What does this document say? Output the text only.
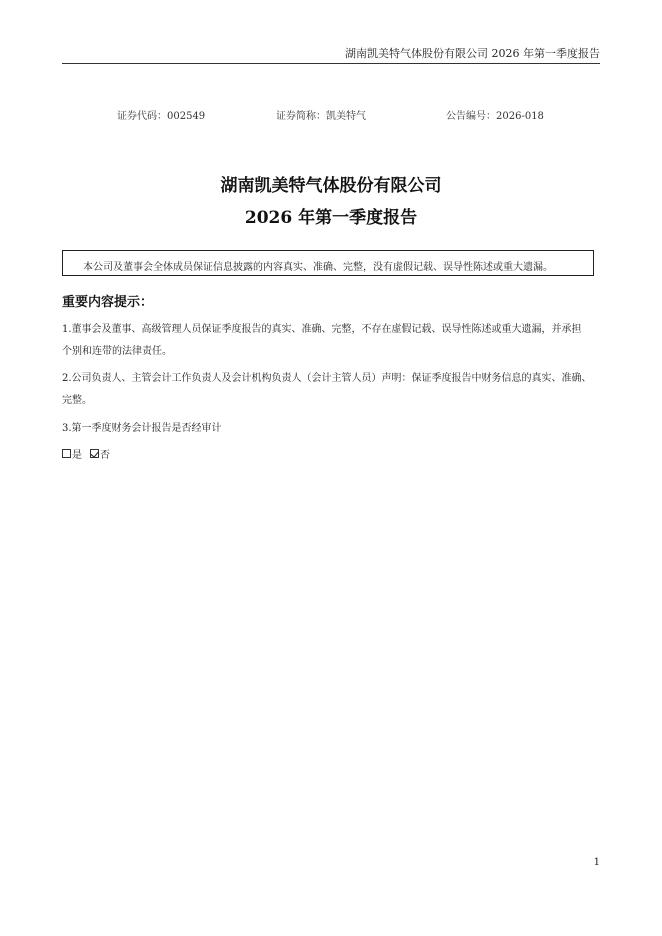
湖南凯美特气体股份有限公司 2026 年第一季度报告
证券代码：002549	证券简称：凯美特气	公告编号：2026-018
湖南凯美特气体股份有限公司
2026 年第一季度报告
本公司及董事会全体成员保证信息披露的内容真实、准确、完整，没有虚假记载、误导性陈述或重大遗漏。
重要内容提示：
1.董事会及董事、高级管理人员保证季度报告的真实、准确、完整，不存在虚假记载、误导性陈述或重大遗漏，并承担
个别和连带的法律责任。
2.公司负责人、主管会计工作负责人及会计机构负责人（会计主管人员）声明：保证季度报告中财务信息的真实、准确、
完整。
3.第一季度财务会计报告是否经审计
是 否
1
